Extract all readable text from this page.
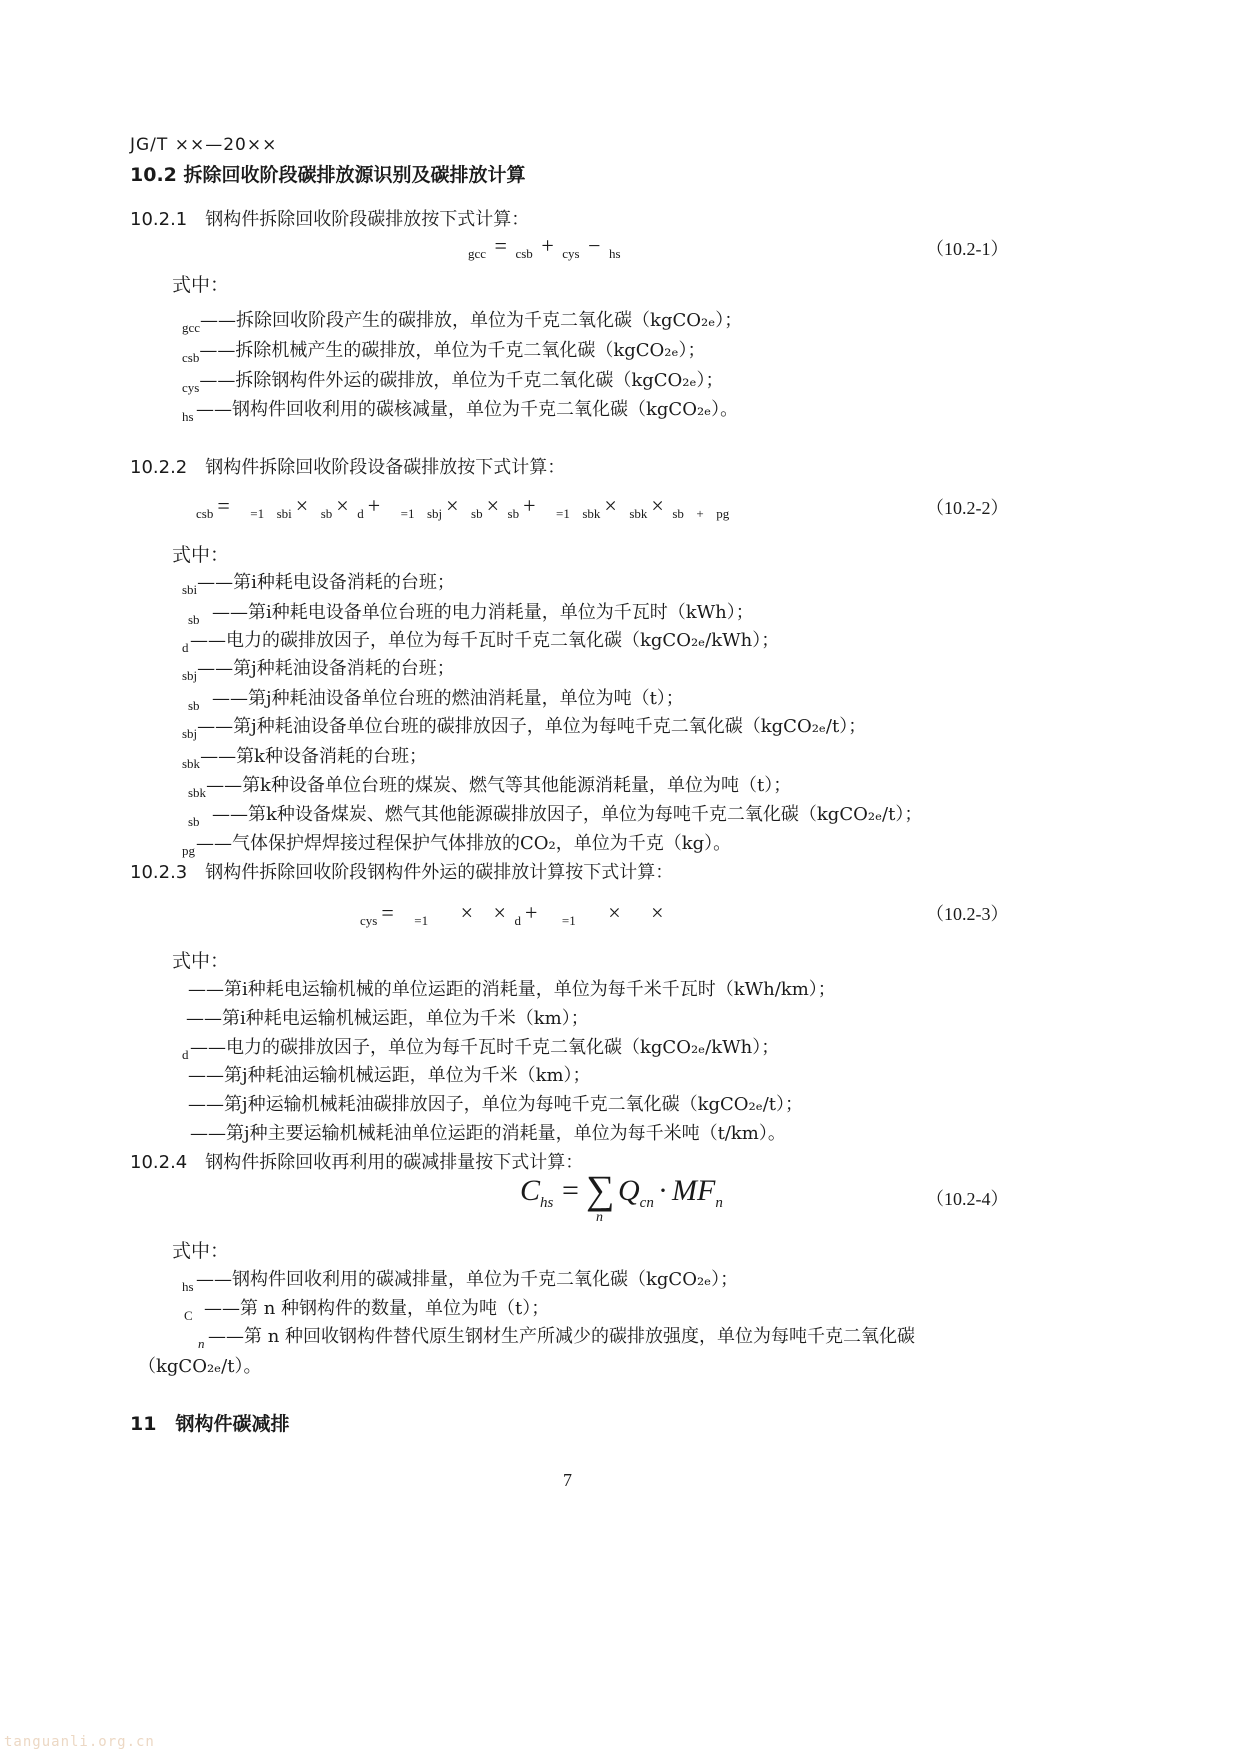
JG/T ××—20××
10.2 拆除回收阶段碳排放源识别及碳排放计算
10.2.1　钢构件拆除回收阶段碳排放按下式计算：
$_{gcc}$ = $_{csb}$ + $_{cys}$ − $_{hs}$	（10.2-1）
式中：
gcc——拆除回收阶段产生的碳排放，单位为千克二氧化碳（kgCO₂ₑ）；
csb——拆除机械产生的碳排放，单位为千克二氧化碳（kgCO₂ₑ）；
cys——拆除钢构件外运的碳排放，单位为千克二氧化碳（kgCO₂ₑ）；
hs ——钢构件回收利用的碳核减量，单位为千克二氧化碳（kgCO₂ₑ）。
10.2.2　钢构件拆除回收阶段设备碳排放按下式计算：
$_{csb}$ = $_{=1}$ $_{sbi}$ × $_{sb}$ × $_d$ + $_{=1}$ $_{sbj}$ × $_{sb}$ × $_{sb}$ + $_{=1}$ $_{sbk}$ × $_{sbk}$ × $_{sb}$ $_+$ $_{pg}$	（10.2-2）
式中：
sbi——第i种耗电设备消耗的台班；
sb ——第i种耗电设备单位台班的电力消耗量，单位为千瓦时（kWh）；
d——电力的碳排放因子，单位为每千瓦时千克二氧化碳（kgCO₂ₑ/kWh）；
sbj——第j种耗油设备消耗的台班；
sb ——第j种耗油设备单位台班的燃油消耗量，单位为吨（t）；
sbj——第j种耗油设备单位台班的碳排放因子，单位为每吨千克二氧化碳（kgCO₂ₑ/t）；
sbk——第k种设备消耗的台班；
sbk——第k种设备单位台班的煤炭、燃气等其他能源消耗量，单位为吨（t）；
sb ——第k种设备煤炭、燃气其他能源碳排放因子，单位为每吨千克二氧化碳（kgCO₂ₑ/t）；
pg——气体保护焊焊接过程保护气体排放的CO₂，单位为千克（kg）。
10.2.3　钢构件拆除回收阶段钢构件外运的碳排放计算按下式计算：
$_{cys}$ = $_{=1}$ × × $_d$ + $_{=1}$ × ×	（10.2-3）
式中：
——第i种耗电运输机械的单位运距的消耗量，单位为每千米千瓦时（kWh/km）；
——第i种耗电运输机械运距，单位为千米（km）；
d——电力的碳排放因子，单位为每千瓦时千克二氧化碳（kgCO₂ₑ/kWh）；
——第j种耗油运输机械运距，单位为千米（km）；
——第j种运输机械耗油碳排放因子，单位为每吨千克二氧化碳（kgCO₂ₑ/t）；
——第j种主要运输机械耗油单位运距的消耗量，单位为每千米吨（t/km）。
10.2.4　钢构件拆除回收再利用的碳减排量按下式计算：
$C_{hs}$ = ∑
n
$Q_{cn} \cdot MF_n$	（10.2-4）
式中：
hs ——钢构件回收利用的碳减排量，单位为千克二氧化碳（kgCO₂ₑ）；
C ——第 n 种钢构件的数量，单位为吨（t）；
n ——第 n 种回收钢构件替代原生钢材生产所减少的碳排放强度，单位为每吨千克二氧化碳
（kgCO₂ₑ/t）。
11　钢构件碳减排
7
tanguanli.org.cn
